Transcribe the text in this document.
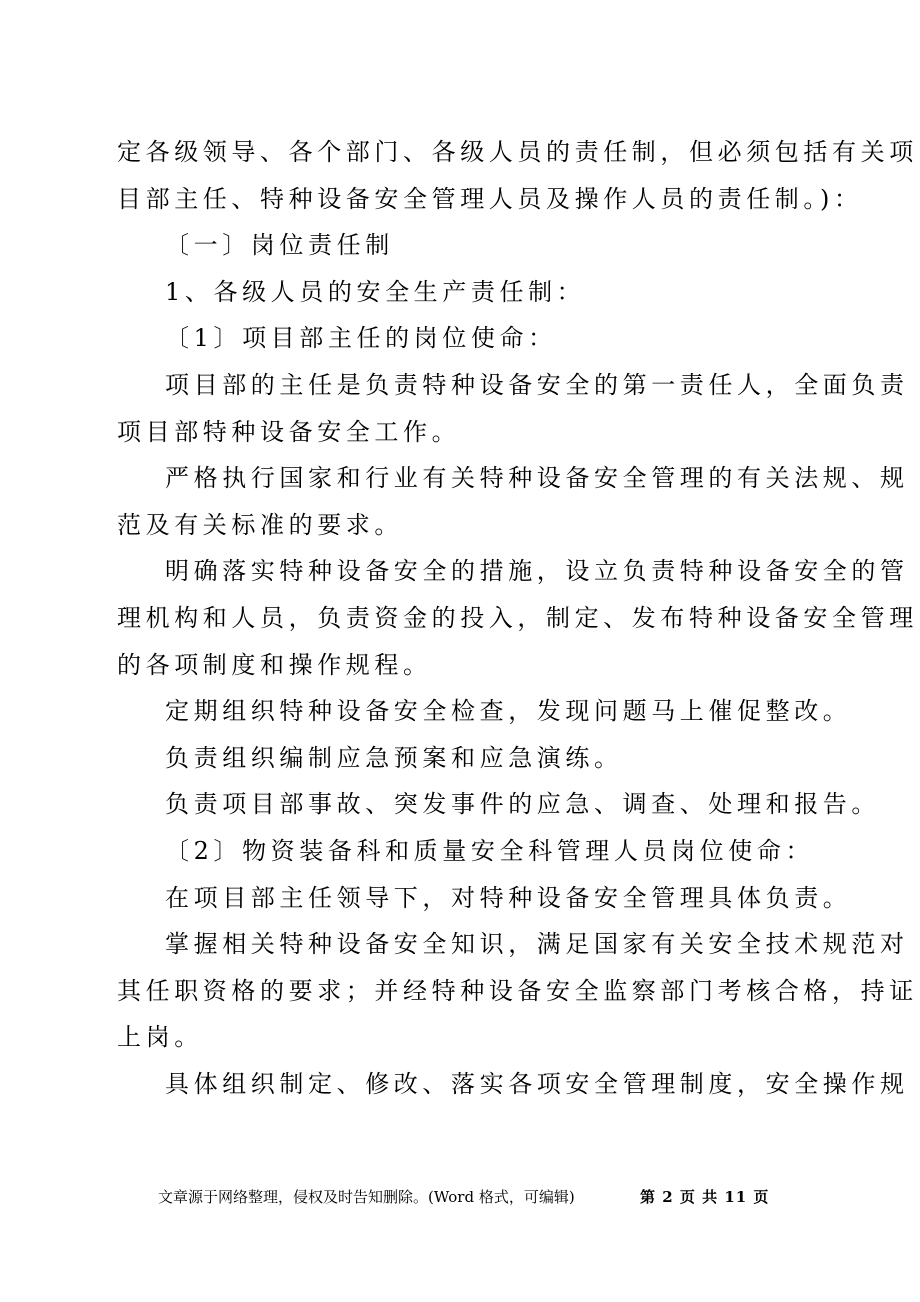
定各级领导、各个部门、各级人员的责任制，但必须包括有关项

目部主任、特种设备安全管理人员及操作人员的责任制。)：

〔一〕岗位责任制

1、各级人员的安全生产责任制：

〔1〕项目部主任的岗位使命：

项目部的主任是负责特种设备安全的第一责任人，全面负责

项目部特种设备安全工作。

严格执行国家和行业有关特种设备安全管理的有关法规、规

范及有关标准的要求。

明确落实特种设备安全的措施，设立负责特种设备安全的管

理机构和人员，负责资金的投入，制定、发布特种设备安全管理

的各项制度和操作规程。

定期组织特种设备安全检查，发现问题马上催促整改。

负责组织编制应急预案和应急演练。

负责项目部事故、突发事件的应急、调查、处理和报告。

〔2〕物资装备科和质量安全科管理人员岗位使命：

在项目部主任领导下，对特种设备安全管理具体负责。

掌握相关特种设备安全知识，满足国家有关安全技术规范对

其任职资格的要求；并经特种设备安全监察部门考核合格，持证

上岗。

具体组织制定、修改、落实各项安全管理制度，安全操作规

文章源于网络整理，侵权及时告知删除。(Word 格式，可编辑)	第 2 页 共 11 页
